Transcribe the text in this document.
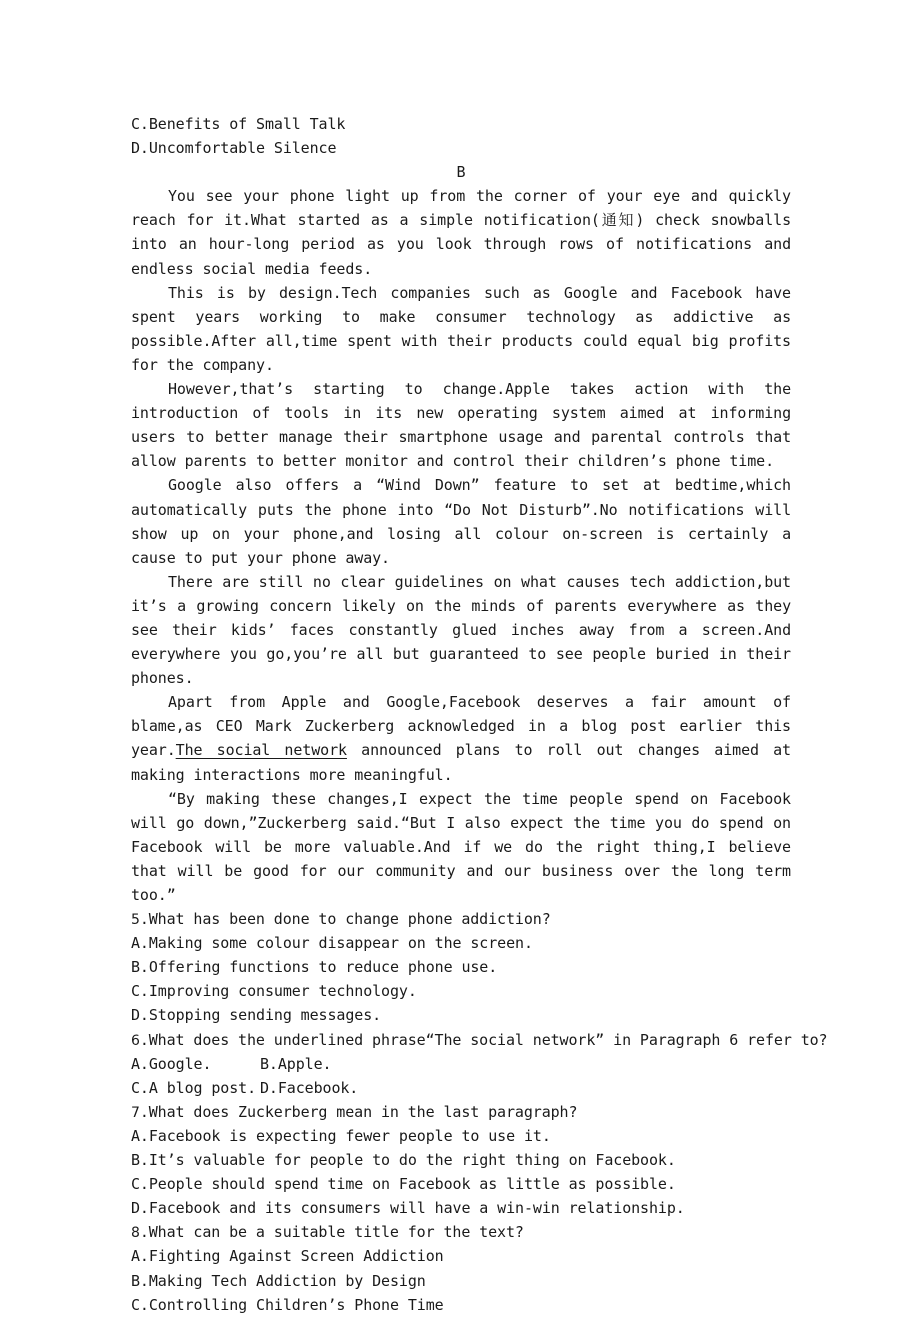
C.Benefits of Small Talk
D.Uncomfortable Silence
B

You see your phone light up from the corner of your eye and quickly reach for it.What started as a simple notification(通知) check snowballs into an hour-long period as you look through rows of notifications and endless social media feeds.

This is by design.Tech companies such as Google and Facebook have spent years working to make consumer technology as addictive as possible.After all,time spent with their products could equal big profits for the company.

However,that’s starting to change.Apple takes action with the introduction of tools in its new operating system aimed at informing users to better manage their smartphone usage and parental controls that allow parents to better monitor and control their children’s phone time.

Google also offers a “Wind Down” feature to set at bedtime,which automatically puts the phone into “Do Not Disturb”.No notifications will show up on your phone,and losing all colour on-screen is certainly a cause to put your phone away.

There are still no clear guidelines on what causes tech addiction,but it’s a growing concern likely on the minds of parents everywhere as they see their kids’ faces constantly glued inches away from a screen.And everywhere you go,you’re all but guaranteed to see people buried in their phones.

Apart from Apple and Google,Facebook deserves a fair amount of blame,as CEO Mark Zuckerberg acknowledged in a blog post earlier this year.The social network announced plans to roll out changes aimed at making interactions more meaningful.

“By making these changes,I expect the time people spend on Facebook will go down,”Zuckerberg said.“But I also expect the time you do spend on Facebook will be more valuable.And if we do the right thing,I believe that will be good for our community and our business over the long term too.”

5.What has been done to change phone addiction?
A.Making some colour disappear on the screen.
B.Offering functions to reduce phone use.
C.Improving consumer technology.
D.Stopping sending messages.
6.What does the underlined phrase“The social network” in Paragraph 6 refer to?
A.Google.	B.Apple.
C.A blog post. D.Facebook.
7.What does Zuckerberg mean in the last paragraph?
A.Facebook is expecting fewer people to use it.
B.It’s valuable for people to do the right thing on Facebook.
C.People should spend time on Facebook as little as possible.
D.Facebook and its consumers will have a win-win relationship.
8.What can be a suitable title for the text?
A.Fighting Against Screen Addiction
B.Making Tech Addiction by Design
C.Controlling Children’s Phone Time
